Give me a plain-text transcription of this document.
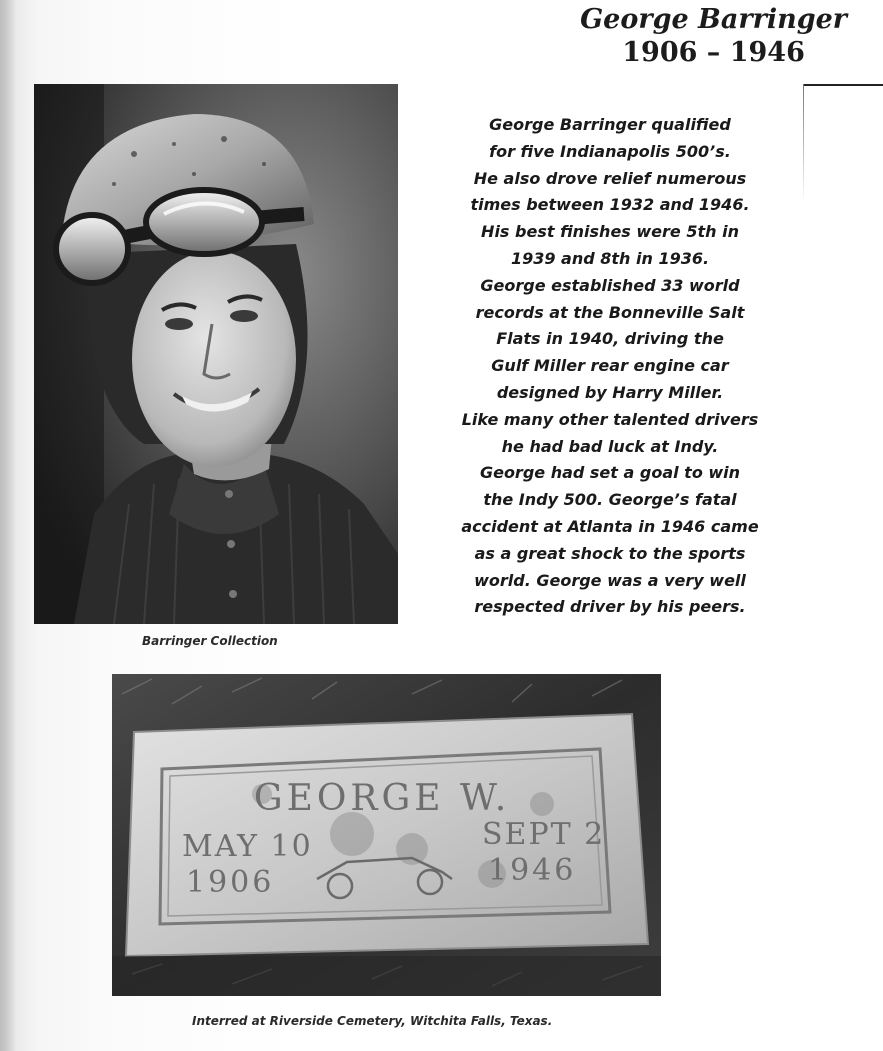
George Barringer
1906 – 1946
Barringer Collection
George Barringer qualified
for five Indianapolis 500’s.
He also drove relief numerous
times between 1932 and 1946.
His best finishes were 5th in
1939 and 8th in 1936.
George established 33 world
records at the Bonneville Salt
Flats in 1940, driving the
Gulf Miller rear engine car
designed by Harry Miller.
Like many other talented drivers
he had bad luck at Indy.
George had set a goal to win
the Indy 500. George’s fatal
accident at Atlanta in 1946 came
as a great shock to the sports
world. George was a very well
respected driver by his peers.
GEORGE W.
MAY 10	SEPT 2
1906	1946
Interred at Riverside Cemetery, Witchita Falls, Texas.
